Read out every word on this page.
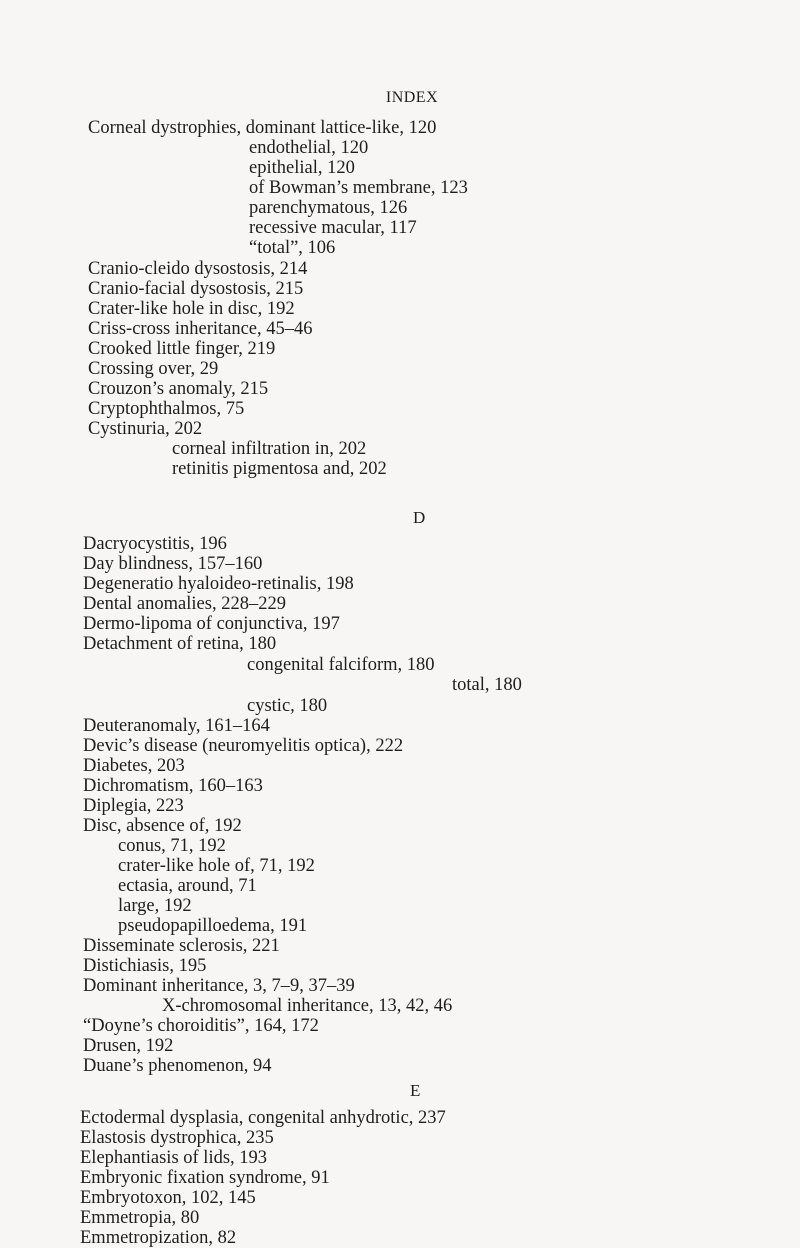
INDEX
Corneal dystrophies, dominant lattice-like, 120
endothelial, 120
epithelial, 120
of Bowman’s membrane, 123
parenchymatous, 126
recessive macular, 117
“total”, 106
Cranio-cleido dysostosis, 214
Cranio-facial dysostosis, 215
Crater-like hole in disc, 192
Criss-cross inheritance, 45–46
Crooked little finger, 219
Crossing over, 29
Crouzon’s anomaly, 215
Cryptophthalmos, 75
Cystinuria, 202
corneal infiltration in, 202
retinitis pigmentosa and, 202
D
Dacryocystitis, 196
Day blindness, 157–160
Degeneratio hyaloideo-retinalis, 198
Dental anomalies, 228–229
Dermo-lipoma of conjunctiva, 197
Detachment of retina, 180
congenital falciform, 180
total, 180
cystic, 180
Deuteranomaly, 161–164
Devic’s disease (neuromyelitis optica), 222
Diabetes, 203
Dichromatism, 160–163
Diplegia, 223
Disc, absence of, 192
conus, 71, 192
crater-like hole of, 71, 192
ectasia, around, 71
large, 192
pseudopapilloedema, 191
Disseminate sclerosis, 221
Distichiasis, 195
Dominant inheritance, 3, 7–9, 37–39
X-chromosomal inheritance, 13, 42, 46
“Doyne’s choroiditis”, 164, 172
Drusen, 192
Duane’s phenomenon, 94
E
Ectodermal dysplasia, congenital anhydrotic, 237
Elastosis dystrophica, 235
Elephantiasis of lids, 193
Embryonic fixation syndrome, 91
Embryotoxon, 102, 145
Emmetropia, 80
Emmetropization, 82
